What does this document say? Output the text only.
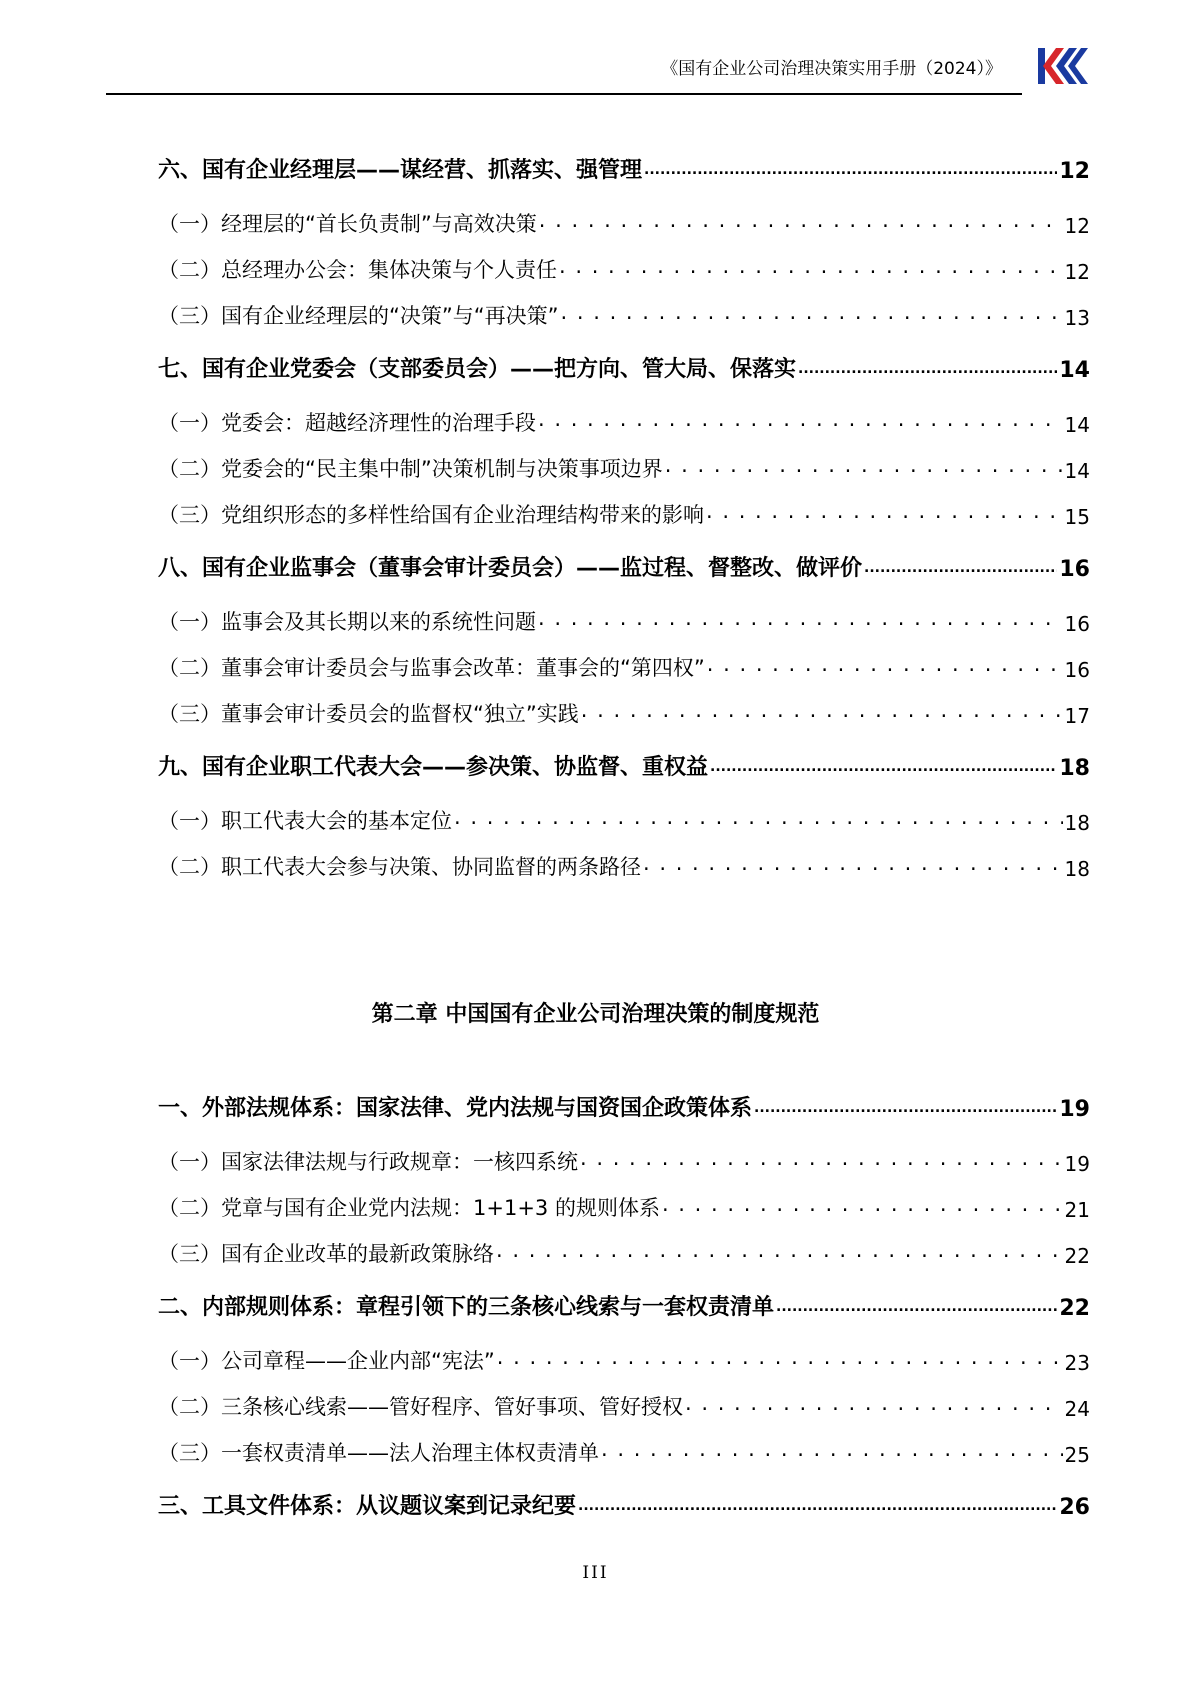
《国有企业公司治理决策实用手册（2024）》
六、国有企业经理层——谋经营、抓落实、强管理 .....	12
（一）经理层的“首长负责制”与高效决策 . . .	12
（二）总经理办公会：集体决策与个人责任 . . .	12
（三）国有企业经理层的“决策”与“再决策” . . .	13
七、国有企业党委会（支部委员会）——把方向、管大局、保落实 .....	14
（一）党委会：超越经济理性的治理手段 . . .	14
（二）党委会的“民主集中制”决策机制与决策事项边界 . . .	14
（三）党组织形态的多样性给国有企业治理结构带来的影响 . . .	15
八、国有企业监事会（董事会审计委员会）——监过程、督整改、做评价 .....	16
（一）监事会及其长期以来的系统性问题 . . .	16
（二）董事会审计委员会与监事会改革：董事会的“第四权” . . .	16
（三）董事会审计委员会的监督权“独立”实践 . . .	17
九、国有企业职工代表大会——参决策、协监督、重权益 .....	18
（一）职工代表大会的基本定位 . . .	18
（二）职工代表大会参与决策、协同监督的两条路径 . . .	18
第二章 中国国有企业公司治理决策的制度规范
一、外部法规体系：国家法律、党内法规与国资国企政策体系 .....	19
（一）国家法律法规与行政规章：一核四系统 . . .	19
（二）党章与国有企业党内法规：1+1+3 的规则体系 . . .	21
（三）国有企业改革的最新政策脉络 . . .	22
二、内部规则体系：章程引领下的三条核心线索与一套权责清单 .....	22
（一）公司章程——企业内部“宪法” . . .	23
（二）三条核心线索——管好程序、管好事项、管好授权 . . .	24
（三）一套权责清单——法人治理主体权责清单 . . .	25
三、工具文件体系：从议题议案到记录纪要 .....	26
III
